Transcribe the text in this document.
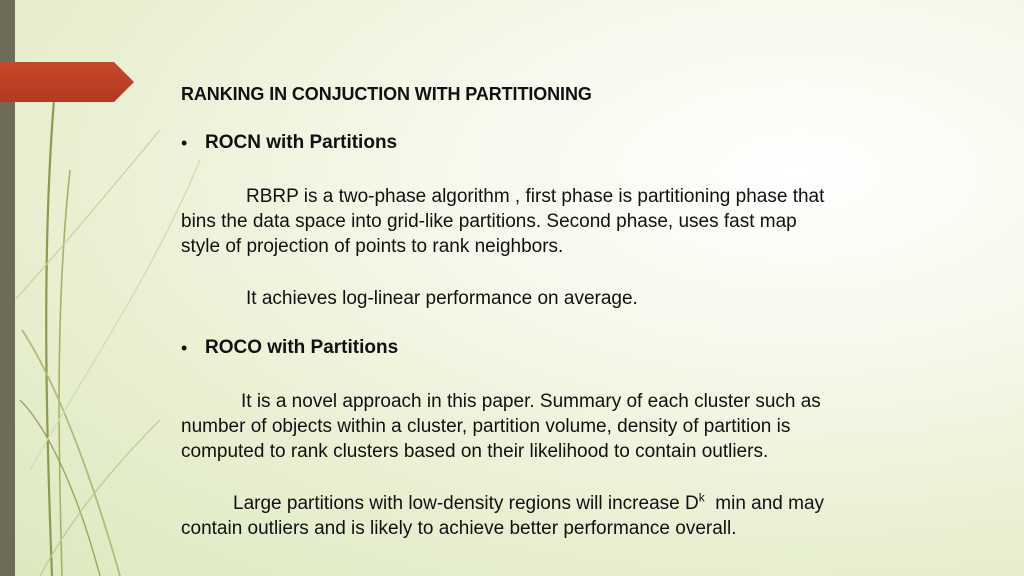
RANKING IN CONJUCTION WITH PARTITIONING
• ROCN with Partitions

RBRP is a two-phase algorithm , first phase is partitioning phase that
bins the data space into grid-like partitions. Second phase, uses fast map
style of projection of points to rank neighbors.

It achieves log-linear performance on average.

• ROCO with Partitions

It is a novel approach in this paper. Summary of each cluster such as
number of objects within a cluster, partition volume, density of partition is
computed to rank clusters based on their likelihood to contain outliers.

Large partitions with low-density regions will increase $D^k$  min and may
contain outliers and is likely to achieve better performance overall.
